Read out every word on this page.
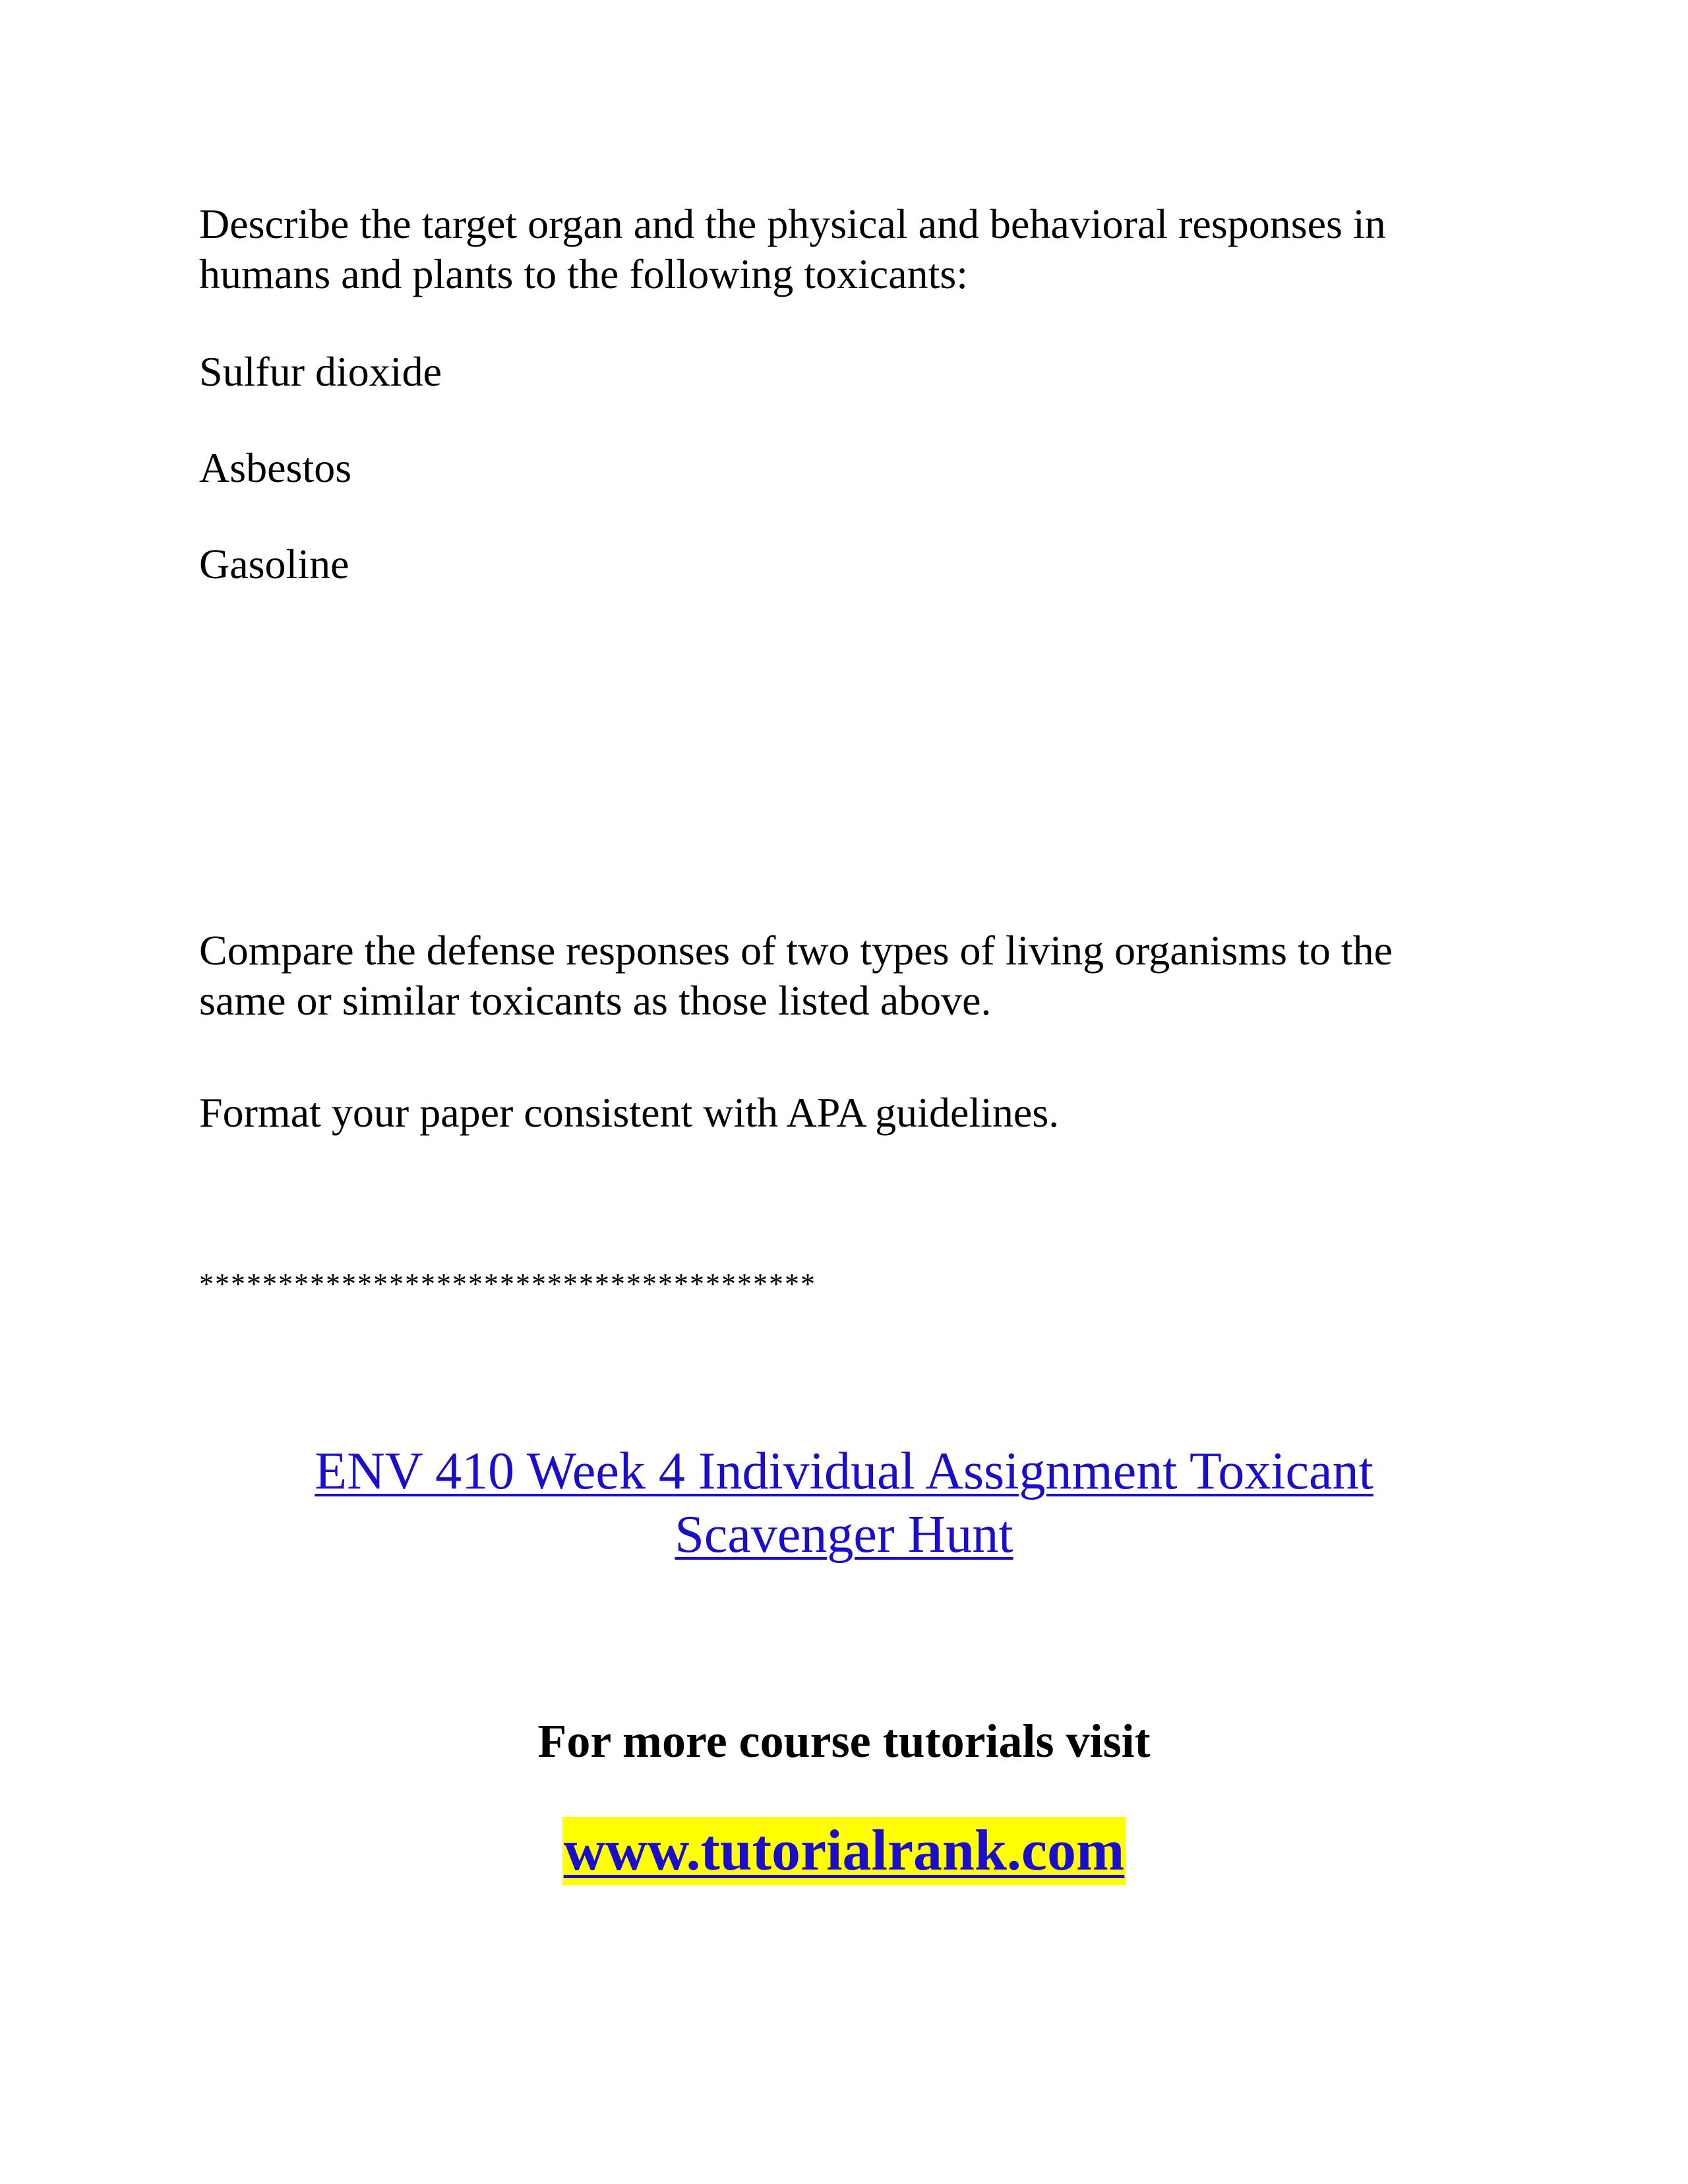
Describe the target organ and the physical and behavioral responses in
humans and plants to the following toxicants:

Sulfur dioxide

Asbestos

Gasoline

Compare the defense responses of two types of living organisms to the
same or similar toxicants as those listed above.

Format your paper consistent with APA guidelines.

***************************************

ENV 410 Week 4 Individual Assignment Toxicant
Scavenger Hunt

For more course tutorials visit

www.tutorialrank.com
